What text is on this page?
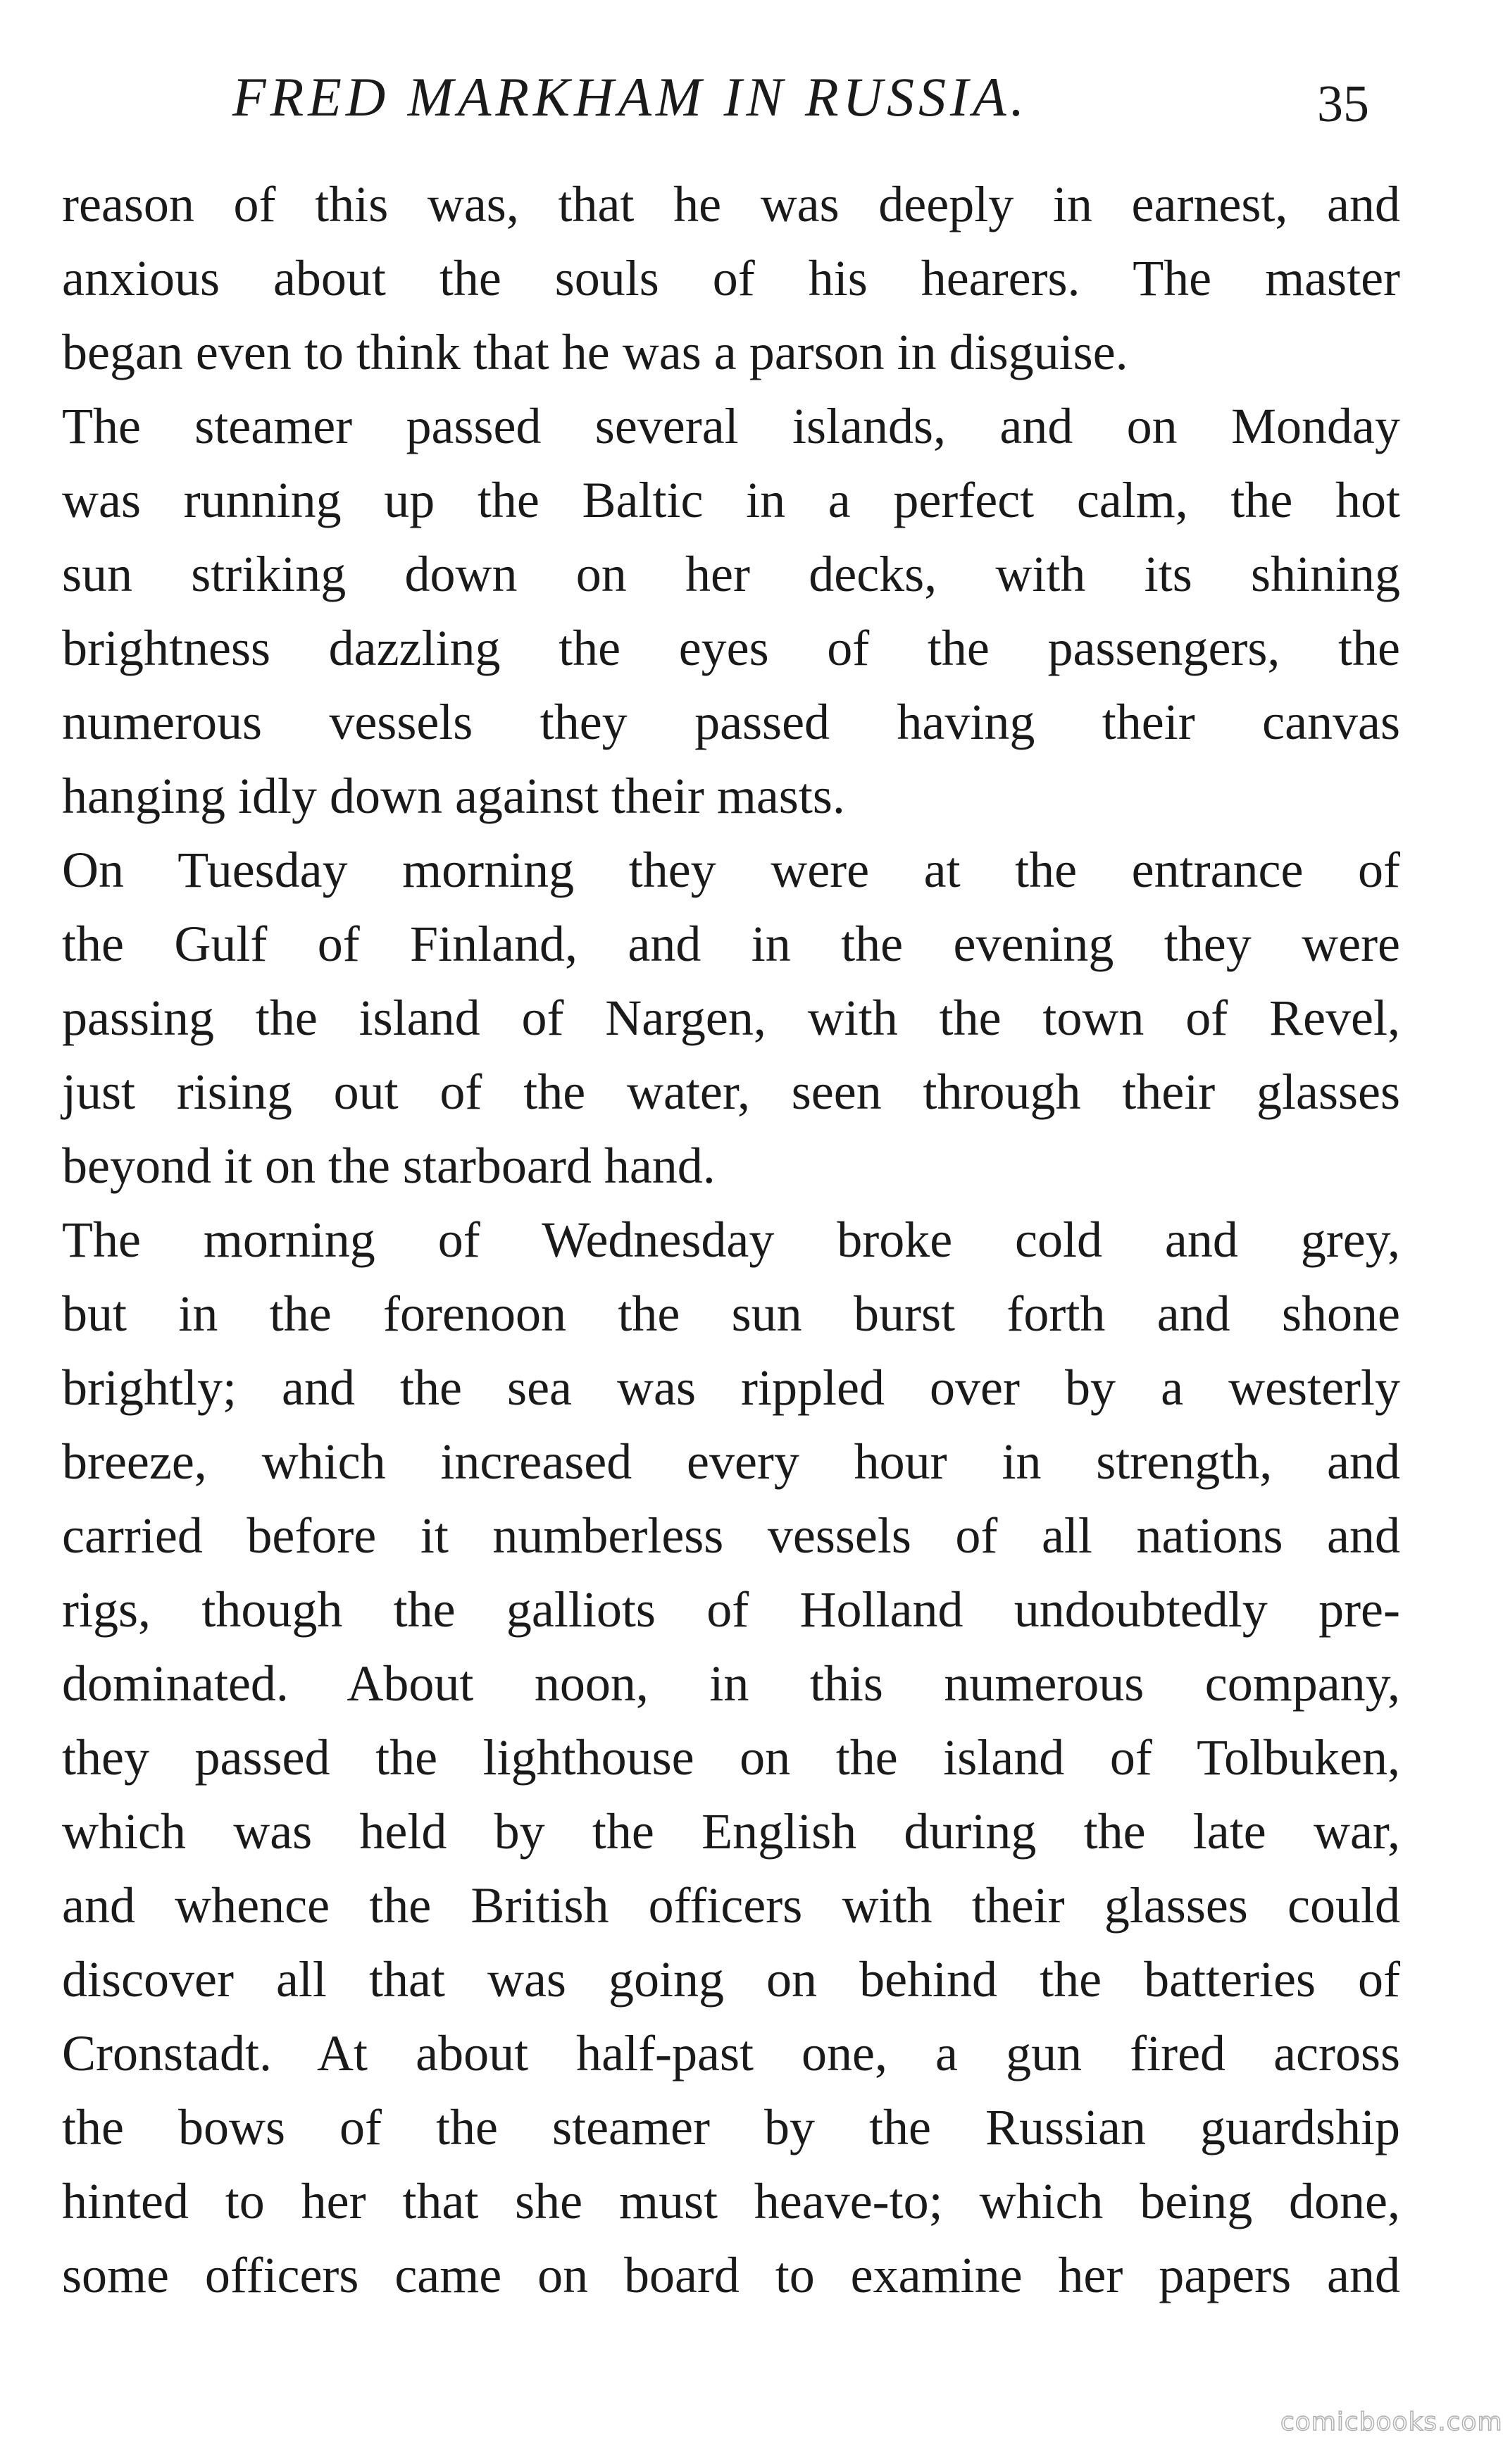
FRED MARKHAM IN RUSSIA.	35
reason of this was, that he was deeply in earnest, and
anxious about the souls of his hearers. The master
began even to think that he was a parson in disguise.
The steamer passed several islands, and on Monday
was running up the Baltic in a perfect calm, the hot
sun striking down on her decks, with its shining
brightness dazzling the eyes of the passengers, the
numerous vessels they passed having their canvas
hanging idly down against their masts.
On Tuesday morning they were at the entrance of
the Gulf of Finland, and in the evening they were
passing the island of Nargen, with the town of Revel,
just rising out of the water, seen through their glasses
beyond it on the starboard hand.
The morning of Wednesday broke cold and grey,
but in the forenoon the sun burst forth and shone
brightly; and the sea was rippled over by a westerly
breeze, which increased every hour in strength, and
carried before it numberless vessels of all nations and
rigs, though the galliots of Holland undoubtedly pre-
dominated. About noon, in this numerous company,
they passed the lighthouse on the island of Tolbuken,
which was held by the English during the late war,
and whence the British officers with their glasses could
discover all that was going on behind the batteries of
Cronstadt. At about half-past one, a gun fired across
the bows of the steamer by the Russian guardship
hinted to her that she must heave-to; which being done,
some officers came on board to examine her papers and
comicbooks.com
